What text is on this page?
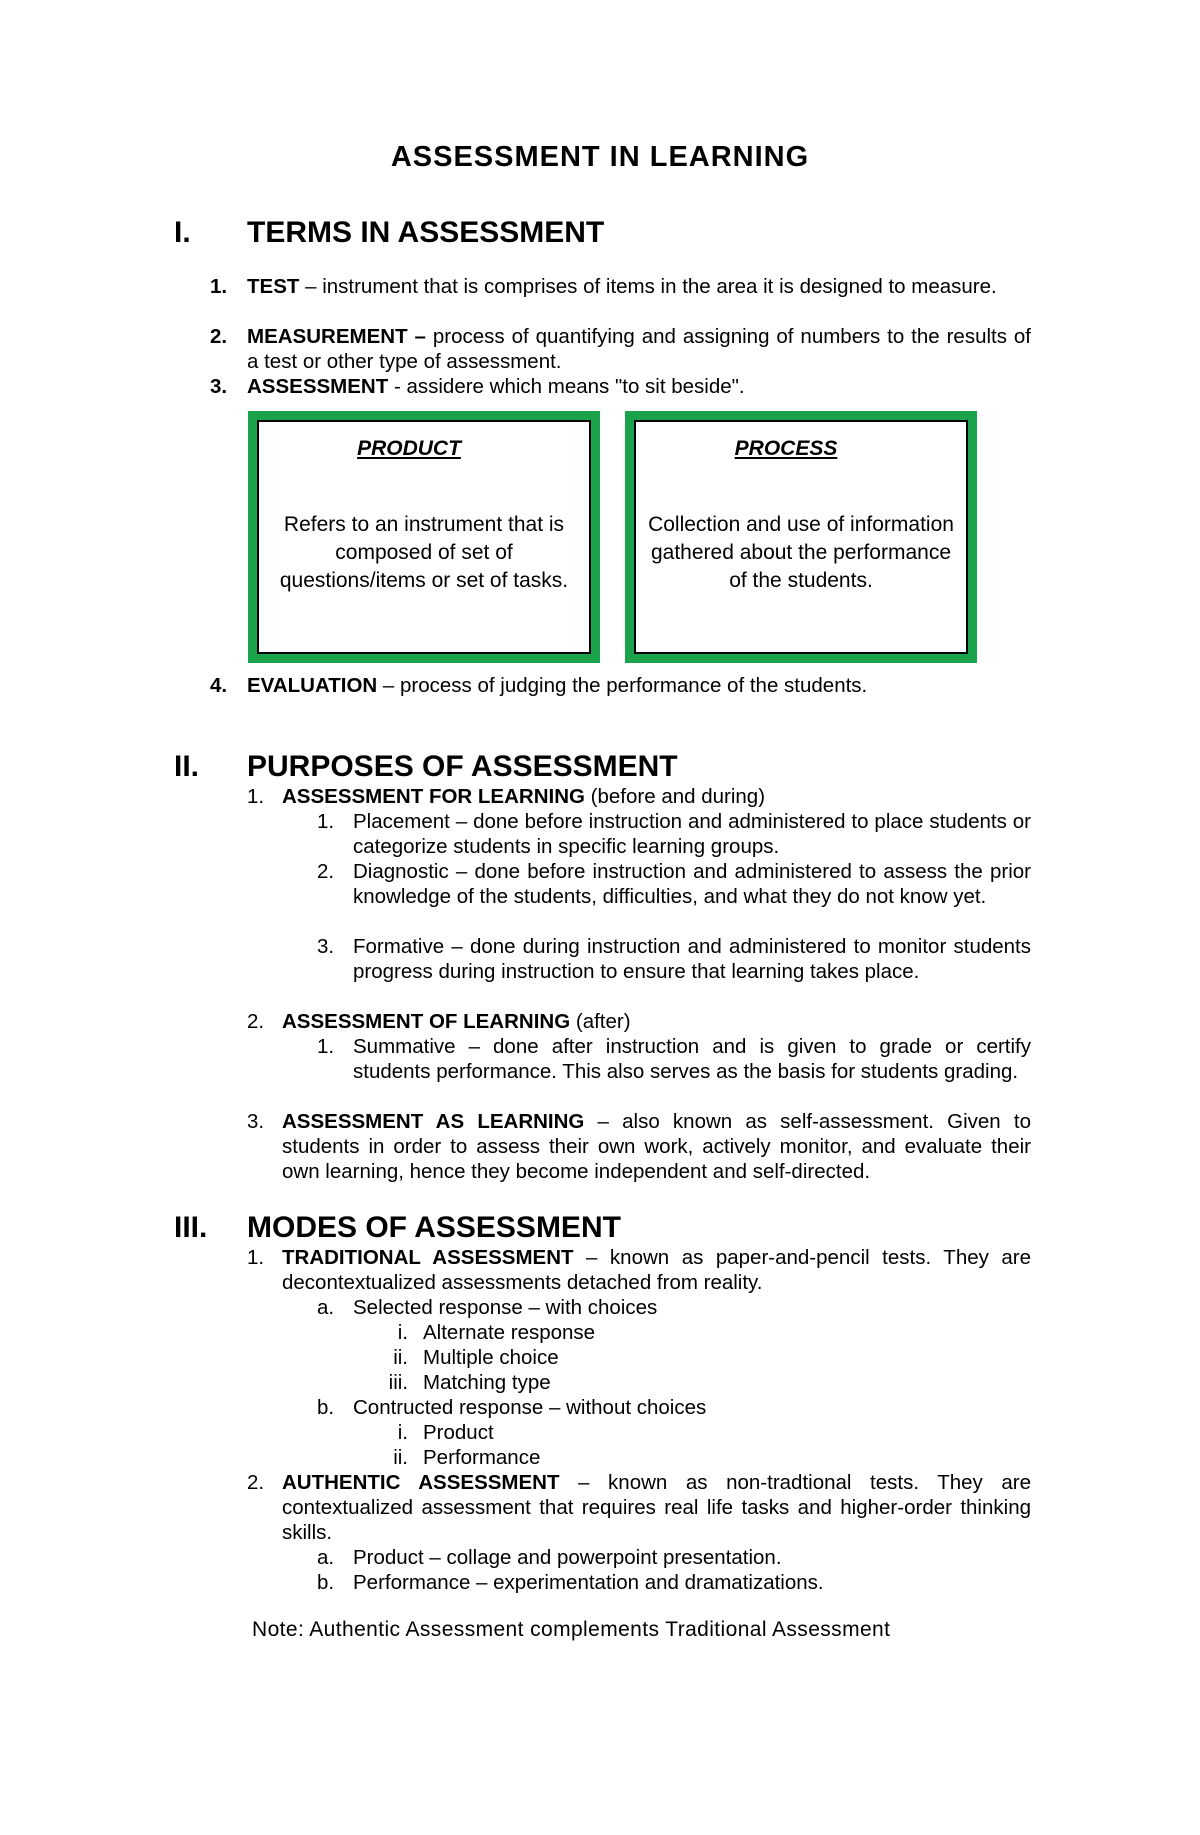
ASSESSMENT IN LEARNING
I. TERMS IN ASSESSMENT
1. TEST – instrument that is comprises of items in the area it is designed to measure.
2. MEASUREMENT – process of quantifying and assigning of numbers to the results of a test or other type of assessment.
3. ASSESSMENT - assidere which means "to sit beside".
PRODUCT
Refers to an instrument that is composed of set of questions/items or set of tasks.
PROCESS
Collection and use of information gathered about the performance of the students.
4. EVALUATION – process of judging the performance of the students.
II. PURPOSES OF ASSESSMENT
1. ASSESSMENT FOR LEARNING (before and during)
1. Placement – done before instruction and administered to place students or categorize students in specific learning groups.
2. Diagnostic – done before instruction and administered to assess the prior knowledge of the students, difficulties, and what they do not know yet.
3. Formative – done during instruction and administered to monitor students progress during instruction to ensure that learning takes place.
2. ASSESSMENT OF LEARNING (after)
1. Summative – done after instruction and is given to grade or certify students performance. This also serves as the basis for students grading.
3. ASSESSMENT AS LEARNING – also known as self-assessment. Given to students in order to assess their own work, actively monitor, and evaluate their own learning, hence they become independent and self-directed.
III. MODES OF ASSESSMENT
1. TRADITIONAL ASSESSMENT – known as paper-and-pencil tests. They are decontextualized assessments detached from reality.
a. Selected response – with choices
i. Alternate response
ii. Multiple choice
iii. Matching type
b. Contructed response – without choices
i. Product
ii. Performance
2. AUTHENTIC ASSESSMENT – known as non-tradtional tests. They are contextualized assessment that requires real life tasks and higher-order thinking skills.
a. Product – collage and powerpoint presentation.
b. Performance – experimentation and dramatizations.
Note: Authentic Assessment complements Traditional Assessment
